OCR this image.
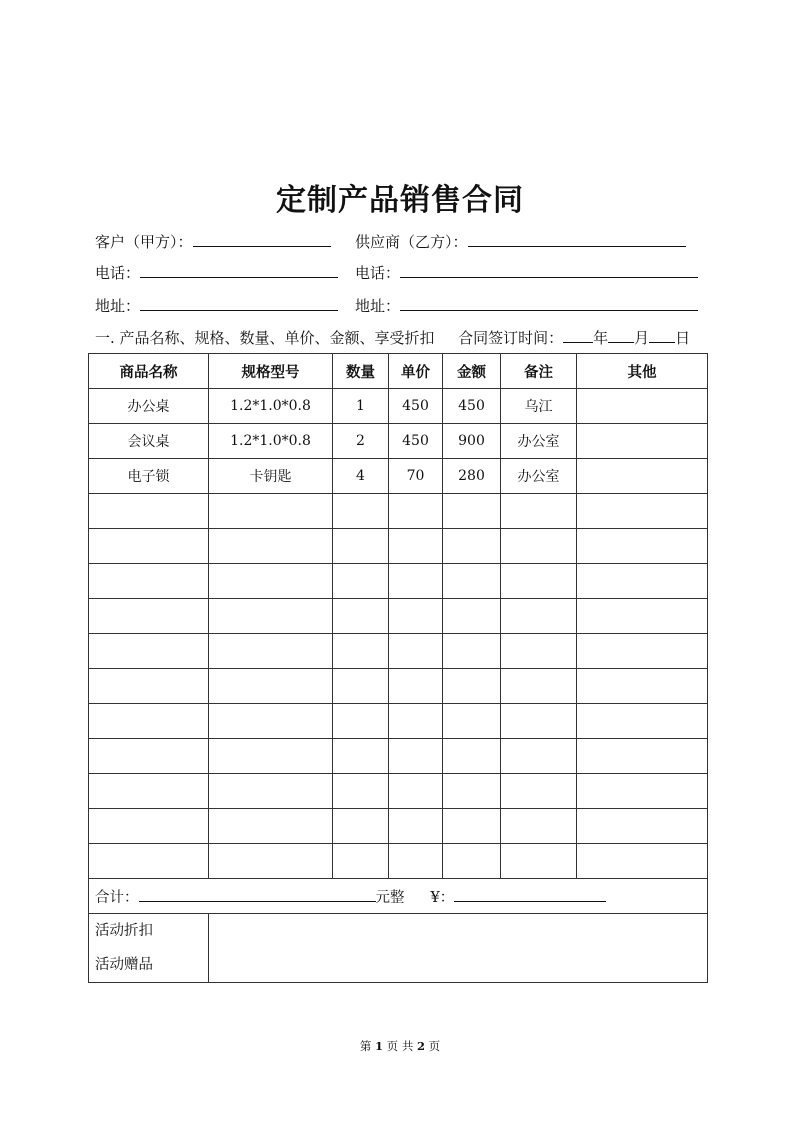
定制产品销售合同
客户（甲方）：	供应商（乙方）：
电话：	电话：
地址：	地址：
一. 产品名称、规格、数量、单价、金额、享受折扣 合同签订时间： 年 月 日
商品名称	规格型号	数量	单价	金额	备注	其他
办公桌	1.2*1.0*0.8	1	450	450	乌江	
会议桌	1.2*1.0*0.8	2	450	900	办公室	
电子锁	卡钥匙	4	70	280	办公室	

合计： 元整 ¥：						

活动折扣
活动赠品						

第 1 页 共 2 页
